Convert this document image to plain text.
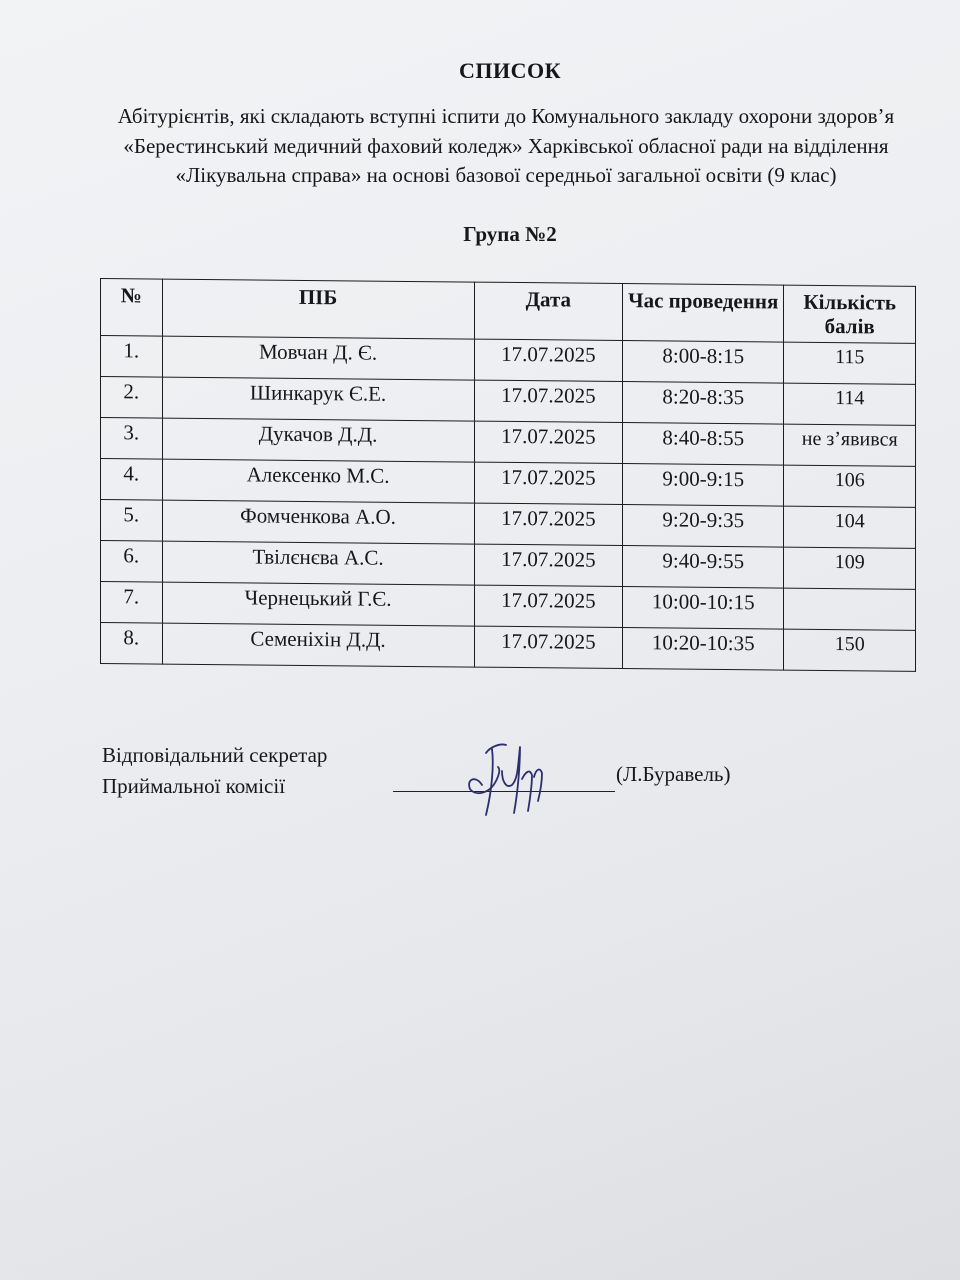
СПИСОК
Абітурієнтів, які складають вступні іспити до Комунального закладу охорони здоров’я «Берестинський медичний фаховий коледж» Харківської обласної ради на відділення «Лікувальна справа» на основі базової середньої загальної освіти (9 клас)
Група №2
№	ПІБ	Дата	Час проведення	Кількість балів
1.	Мовчан Д. Є.	17.07.2025	8:00-8:15	115
2.	Шинкарук Є.Е.	17.07.2025	8:20-8:35	114
3.	Дукачов Д.Д.	17.07.2025	8:40-8:55	не з’явився
4.	Алексенко М.С.	17.07.2025	9:00-9:15	106
5.	Фомченкова А.О.	17.07.2025	9:20-9:35	104
6.	Твілєнєва А.С.	17.07.2025	9:40-9:55	109
7.	Чернецький Г.Є.	17.07.2025	10:00-10:15	
8.	Семеніхін Д.Д.	17.07.2025	10:20-10:35	150
Відповідальний секретар
Приймальної комісії	(Л.Буравель)
